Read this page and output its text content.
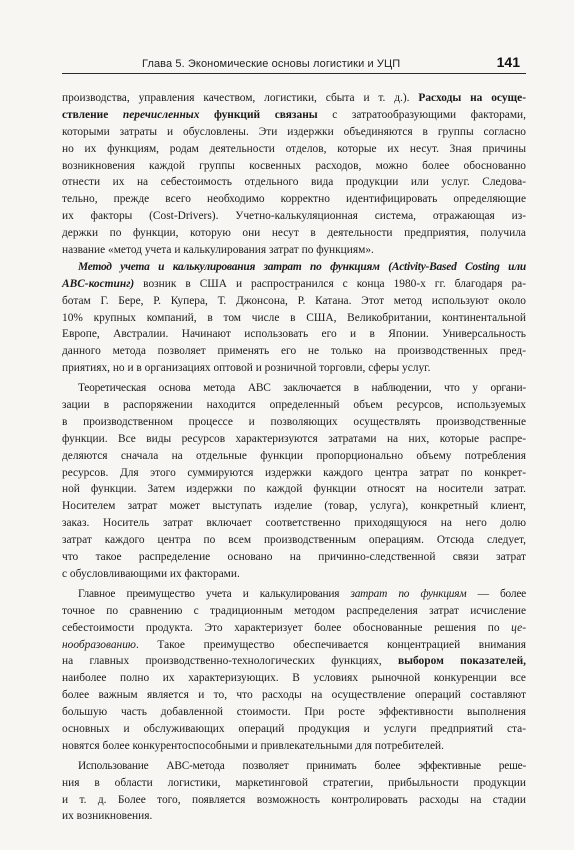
Глава 5. Экономические основы логистики и УЦП	141

производства, управления качеством, логистики, сбыта и т. д.). Расходы на осуще-
ствление перечисленных функций связаны с затратообразующими факторами,
которыми затраты и обусловлены. Эти издержки объединяются в группы согласно
но их функциям, родам деятельности отделов, которые их несут. Зная причины
возникновения каждой группы косвенных расходов, можно более обоснованно
отнести их на себестоимость отдельного вида продукции или услуг. Следова-
тельно, прежде всего необходимо корректно идентифицировать определяющие
их факторы (Cost-Drivers). Учетно-калькуляционная система, отражающая из-
держки по функции, которую они несут в деятельности предприятия, получила
название «метод учета и калькулирования затрат по функциям».

Метод учета и калькулирования затрат по функциям (Activity-Based Costing или
ABC-костинг) возник в США и распространился с конца 1980-х гг. благодаря ра-
ботам Г. Бере, Р. Купера, Т. Джонсона, Р. Катана. Этот метод используют около
10% крупных компаний, в том числе в США, Великобритании, континентальной
Европе, Австралии. Начинают использовать его и в Японии. Универсальность
данного метода позволяет применять его не только на производственных пред-
приятиях, но и в организациях оптовой и розничной торговли, сферы услуг.

Теоретическая основа метода ABC заключается в наблюдении, что у органи-
зации в распоряжении находится определенный объем ресурсов, используемых
в производственном процессе и позволяющих осуществлять производственные
функции. Все виды ресурсов характеризуются затратами на них, которые распре-
деляются сначала на отдельные функции пропорционально объему потребления
ресурсов. Для этого суммируются издержки каждого центра затрат по конкрет-
ной функции. Затем издержки по каждой функции относят на носители затрат.
Носителем затрат может выступать изделие (товар, услуга), конкретный клиент,
заказ. Носитель затрат включает соответственно приходящуюся на него долю
затрат каждого центра по всем производственным операциям. Отсюда следует,
что такое распределение основано на причинно-следственной связи затрат
с обусловливающими их факторами.

Главное преимущество учета и калькулирования затрат по функциям — более
точное по сравнению с традиционным методом распределения затрат исчисление
себестоимости продукта. Это характеризует более обоснованные решения по це-
нообразованию. Такое преимущество обеспечивается концентрацией внимания
на главных производственно-технологических функциях, выбором показателей,
наиболее полно их характеризующих. В условиях рыночной конкуренции все
более важным является и то, что расходы на осуществление операций составляют
большую часть добавленной стоимости. При росте эффективности выполнения
основных и обслуживающих операций продукция и услуги предприятий ста-
новятся более конкурентоспособными и привлекательными для потребителей.

Использование ABC-метода позволяет принимать более эффективные реше-
ния в области логистики, маркетинговой стратегии, прибыльности продукции
и т. д. Более того, появляется возможность контролировать расходы на стадии
их возникновения.
